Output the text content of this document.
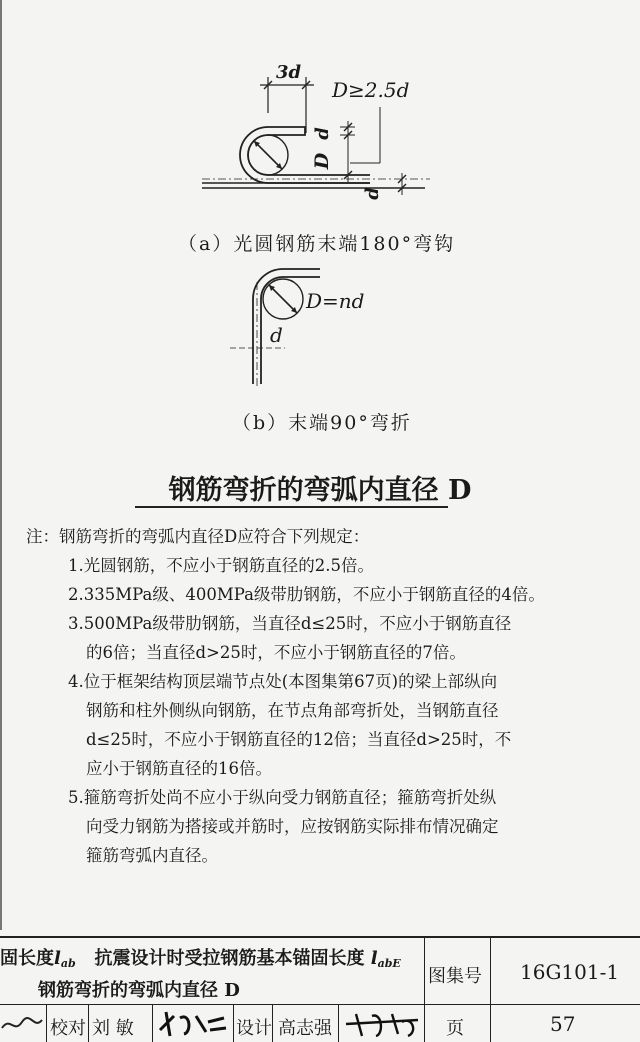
3d
D≥2.5d
D
d
d
（a）光圆钢筋末端180°弯钩
D=nd
d
（b）末端90°弯折
钢筋弯折的弯弧内直径 D
注：钢筋弯折的弯弧内直径D应符合下列规定：
1.光圆钢筋，不应小于钢筋直径的2.5倍。
2.335MPa级、400MPa级带肋钢筋，不应小于钢筋直径的4倍。
3.500MPa级带肋钢筋，当直径d≤25时，不应小于钢筋直径
的6倍；当直径d>25时，不应小于钢筋直径的7倍。
4.位于框架结构顶层端节点处(本图集第67页)的梁上部纵向
钢筋和柱外侧纵向钢筋，在节点角部弯折处，当钢筋直径
d≤25时，不应小于钢筋直径的12倍；当直径d>25时，不
应小于钢筋直径的16倍。
5.箍筋弯折处尚不应小于纵向受力钢筋直径；箍筋弯折处纵
向受力钢筋为搭接或并筋时，应按钢筋实际排布情况确定
箍筋弯弧内直径。
固长度$l_{ab}$ 抗震设计时受拉钢筋基本锚固长度 $l_{abE}$
钢筋弯折的弯弧内直径 D
图集号 16G101-1
校对 刘 敏	设计 高志强	页	57
